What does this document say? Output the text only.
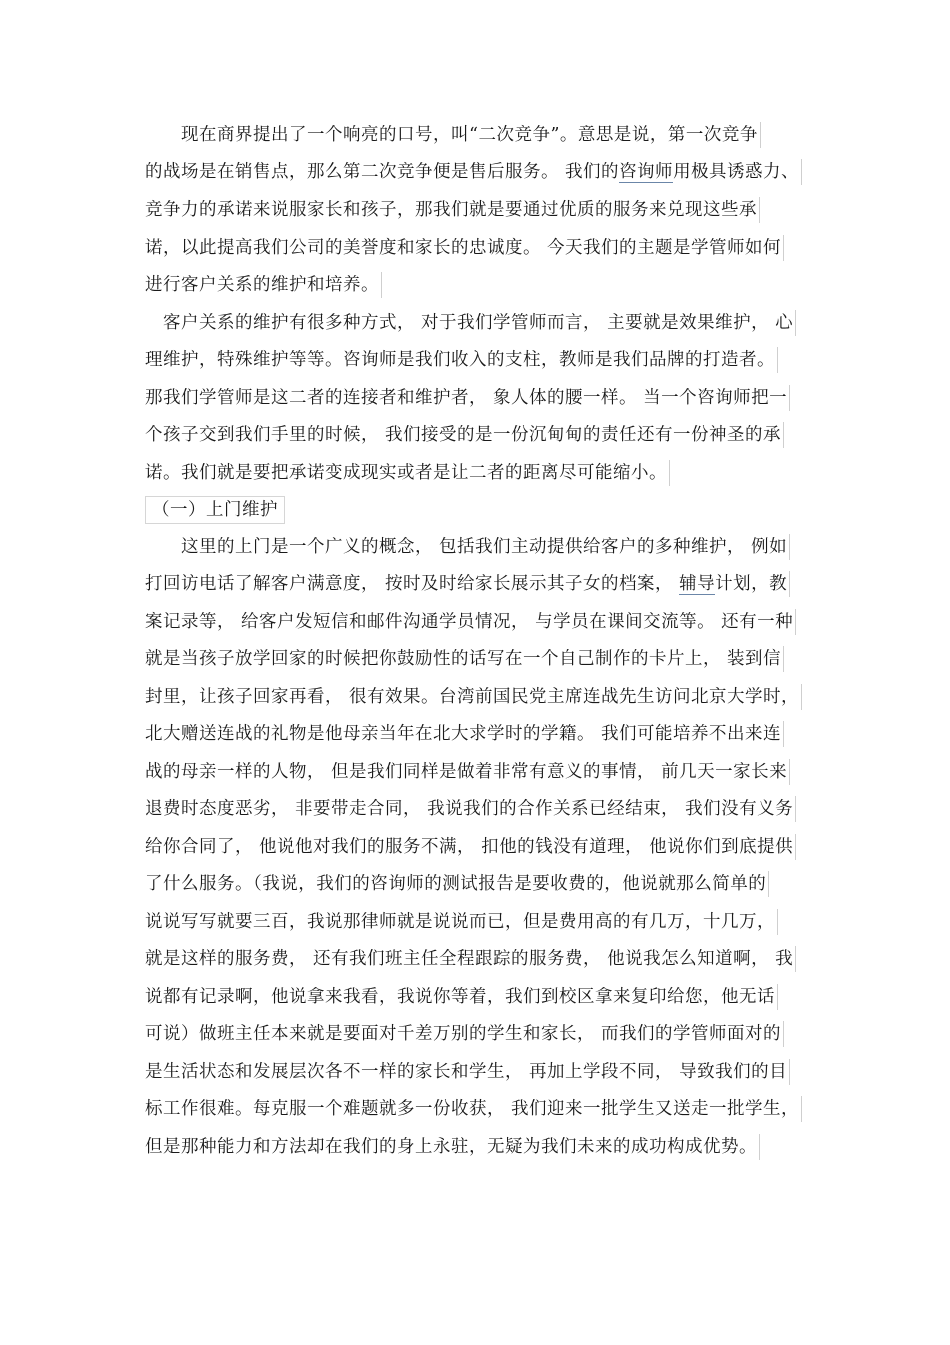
　　现在商界提出了一个响亮的口号，叫“二次竞争”。意思是说，第一次竞争
的战场是在销售点，那么第二次竞争便是售后服务。 我们的咨询师用极具诱惑力、
竞争力的承诺来说服家长和孩子，那我们就是要通过优质的服务来兑现这些承
诺，以此提高我们公司的美誉度和家长的忠诚度。 今天我们的主题是学管师如何
进行客户关系的维护和培养。
　客户关系的维护有很多种方式， 对于我们学管师而言， 主要就是效果维护， 心
理维护，特殊维护等等。咨询师是我们收入的支柱，教师是我们品牌的打造者。
那我们学管师是这二者的连接者和维护者， 象人体的腰一样。 当一个咨询师把一
个孩子交到我们手里的时候， 我们接受的是一份沉甸甸的责任还有一份神圣的承
诺。我们就是要把承诺变成现实或者是让二者的距离尽可能缩小。
（一）上门维护
　　这里的上门是一个广义的概念， 包括我们主动提供给客户的多种维护， 例如
打回访电话了解客户满意度， 按时及时给家长展示其子女的档案， 辅导计划，教
案记录等， 给客户发短信和邮件沟通学员情况， 与学员在课间交流等。 还有一种
就是当孩子放学回家的时候把你鼓励性的话写在一个自己制作的卡片上， 装到信
封里，让孩子回家再看， 很有效果。台湾前国民党主席连战先生访问北京大学时，
北大赠送连战的礼物是他母亲当年在北大求学时的学籍。 我们可能培养不出来连
战的母亲一样的人物， 但是我们同样是做着非常有意义的事情， 前几天一家长来
退费时态度恶劣， 非要带走合同， 我说我们的合作关系已经结束， 我们没有义务
给你合同了， 他说他对我们的服务不满， 扣他的钱没有道理， 他说你们到底提供
了什么服务。（我说，我们的咨询师的测试报告是要收费的，他说就那么简单的
说说写写就要三百，我说那律师就是说说而已，但是费用高的有几万，十几万，
就是这样的服务费， 还有我们班主任全程跟踪的服务费， 他说我怎么知道啊， 我
说都有记录啊，他说拿来我看，我说你等着，我们到校区拿来复印给您，他无话
可说）做班主任本来就是要面对千差万别的学生和家长， 而我们的学管师面对的
是生活状态和发展层次各不一样的家长和学生， 再加上学段不同， 导致我们的目
标工作很难。每克服一个难题就多一份收获， 我们迎来一批学生又送走一批学生，
但是那种能力和方法却在我们的身上永驻，无疑为我们未来的成功构成优势。
